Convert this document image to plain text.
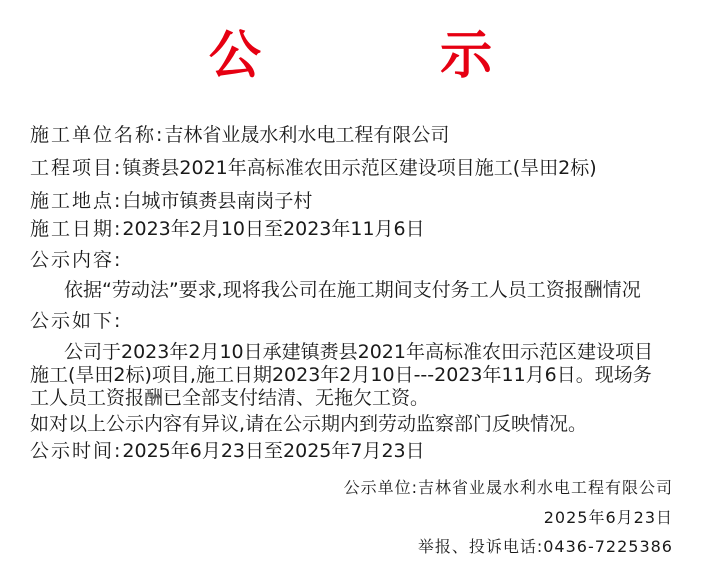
公 示
施工单位名称:吉林省业晟水利水电工程有限公司
工程项目:镇赉县2021年高标准农田示范区建设项目施工(旱田2标)
施工地点:白城市镇赉县南岗子村
施工日期:2023年2月10日至2023年11月6日
公示内容:
依据“劳动法”要求,现将我公司在施工期间支付务工人员工资报酬情况
公示如下:
公司于2023年2月10日承建镇赉县2021年高标准农田示范区建设项目
施工(旱田2标)项目,施工日期2023年2月10日---2023年11月6日。现场务
工人员工资报酬已全部支付结清、无拖欠工资。
如对以上公示内容有异议,请在公示期内到劳动监察部门反映情况。
公示时间:2025年6月23日至2025年7月23日
公示单位:吉林省业晟水利水电工程有限公司
2025年6月23日
举报、投诉电话:0436-7225386
